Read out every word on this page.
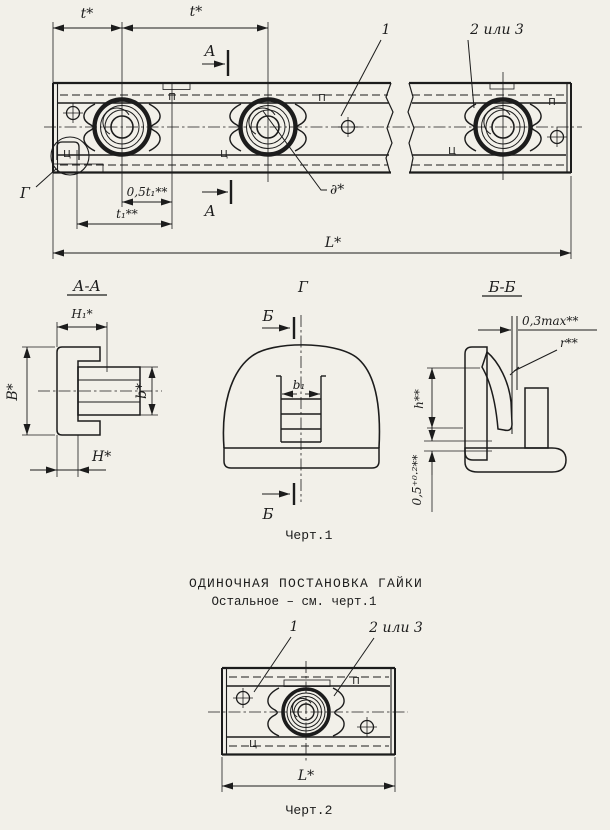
∂*
П	П	П
Ц	Ц
Ц
Г
А
А
1	2 или 3
t*	t*
0,5t₁**
t₁**
L*
А-А
H₁*
B*	b*
H*
Г
Б
b₁
Б
Б-Б
0,3max**
r**
h**
0,5⁺⁰·²**
Черт.1
ОДИНОЧНАЯ ПОСТАНОВКА ГАЙКИ
Остальное – см. черт.1
1	2 или 3
П
Ц
L*
Черт.2
